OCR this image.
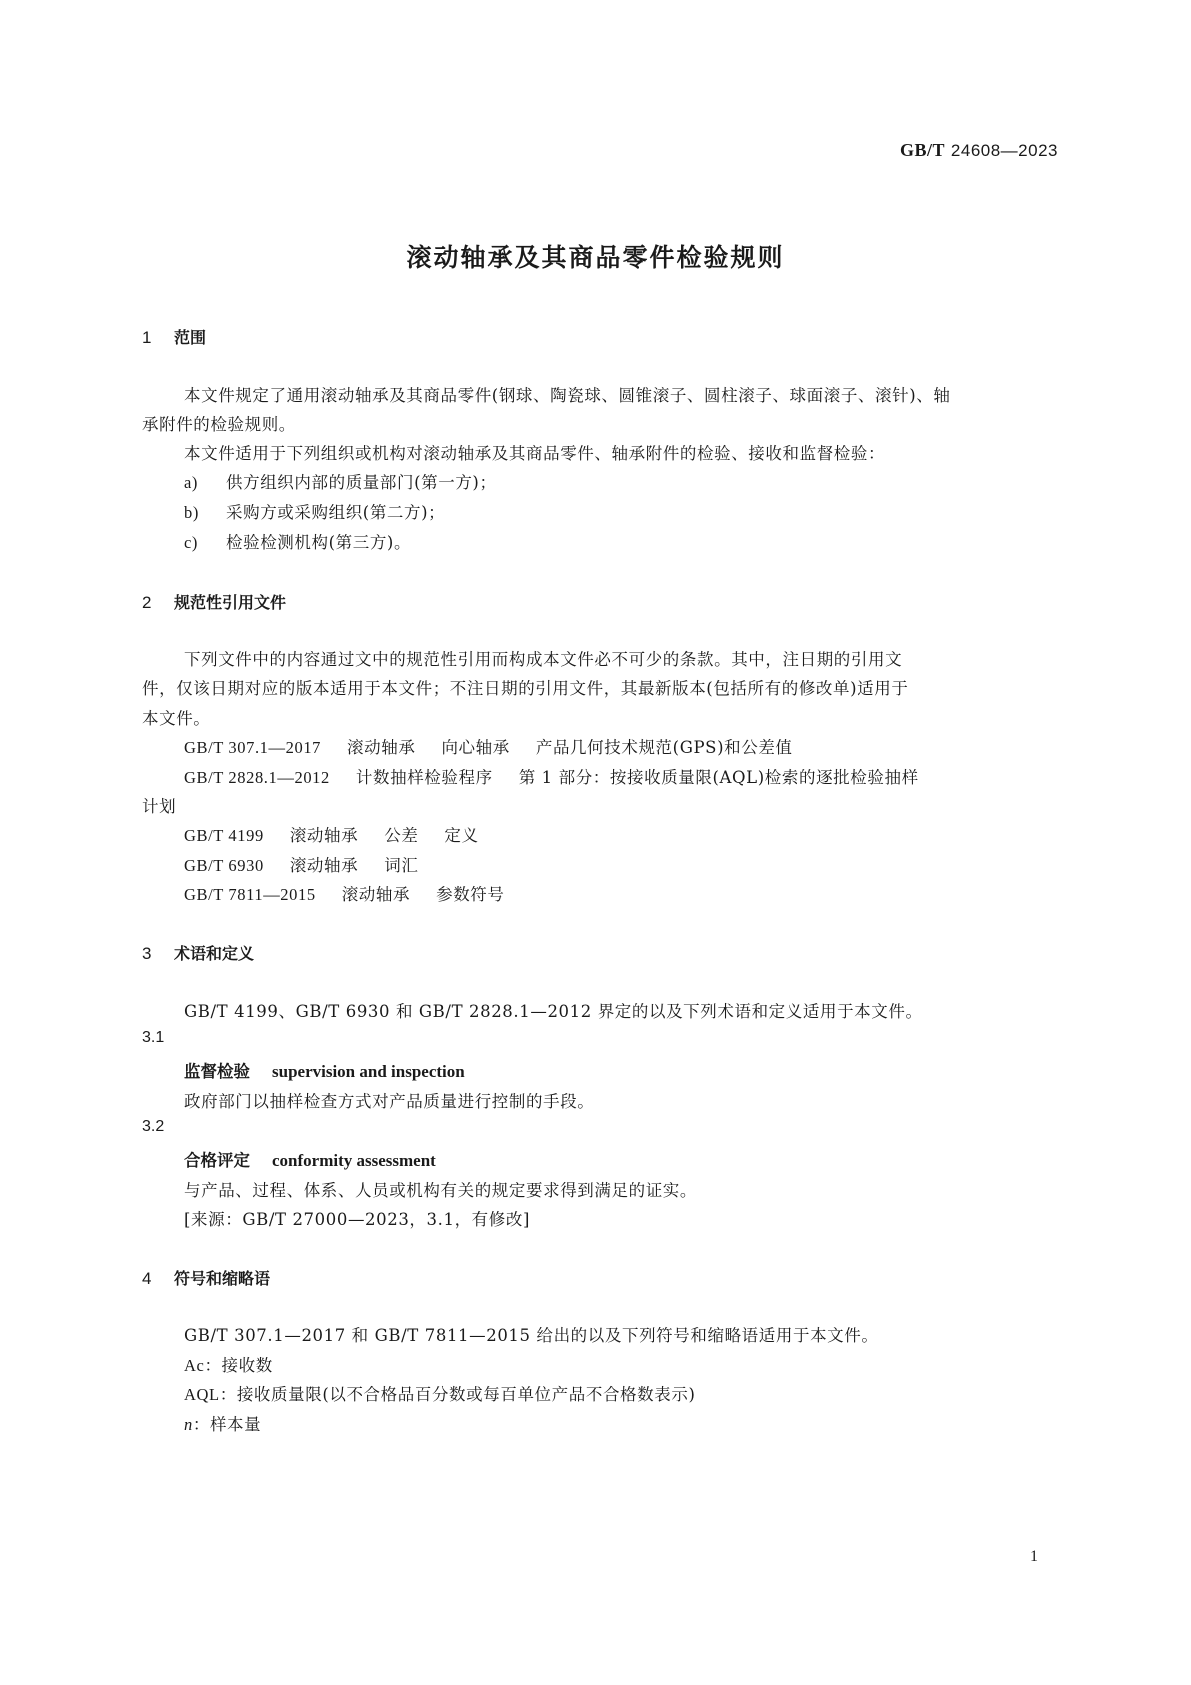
GB/T 24608—2023
滚动轴承及其商品零件检验规则
1 范围
本文件规定了通用滚动轴承及其商品零件(钢球、陶瓷球、圆锥滚子、圆柱滚子、球面滚子、滚针)、轴
承附件的检验规则。
本文件适用于下列组织或机构对滚动轴承及其商品零件、轴承附件的检验、接收和监督检验：
a) 供方组织内部的质量部门(第一方)；
b) 采购方或采购组织(第二方)；
c) 检验检测机构(第三方)。
2 规范性引用文件
下列文件中的内容通过文中的规范性引用而构成本文件必不可少的条款。其中，注日期的引用文
件，仅该日期对应的版本适用于本文件；不注日期的引用文件，其最新版本(包括所有的修改单)适用于
本文件。
GB/T 307.1—2017 滚动轴承 向心轴承 产品几何技术规范(GPS)和公差值
GB/T 2828.1—2012 计数抽样检验程序 第 1 部分：按接收质量限(AQL)检索的逐批检验抽样
计划
GB/T 4199 滚动轴承 公差 定义
GB/T 6930 滚动轴承 词汇
GB/T 7811—2015 滚动轴承 参数符号
3 术语和定义
GB/T 4199、GB/T 6930 和 GB/T 2828.1—2012 界定的以及下列术语和定义适用于本文件。
3.1
监督检验 supervision and inspection
政府部门以抽样检查方式对产品质量进行控制的手段。
3.2
合格评定 conformity assessment
与产品、过程、体系、人员或机构有关的规定要求得到满足的证实。
[来源：GB/T 27000—2023，3.1，有修改]
4 符号和缩略语
GB/T 307.1—2017 和 GB/T 7811—2015 给出的以及下列符号和缩略语适用于本文件。
Ac：接收数
AQL：接收质量限(以不合格品百分数或每百单位产品不合格数表示)
n：样本量
1
